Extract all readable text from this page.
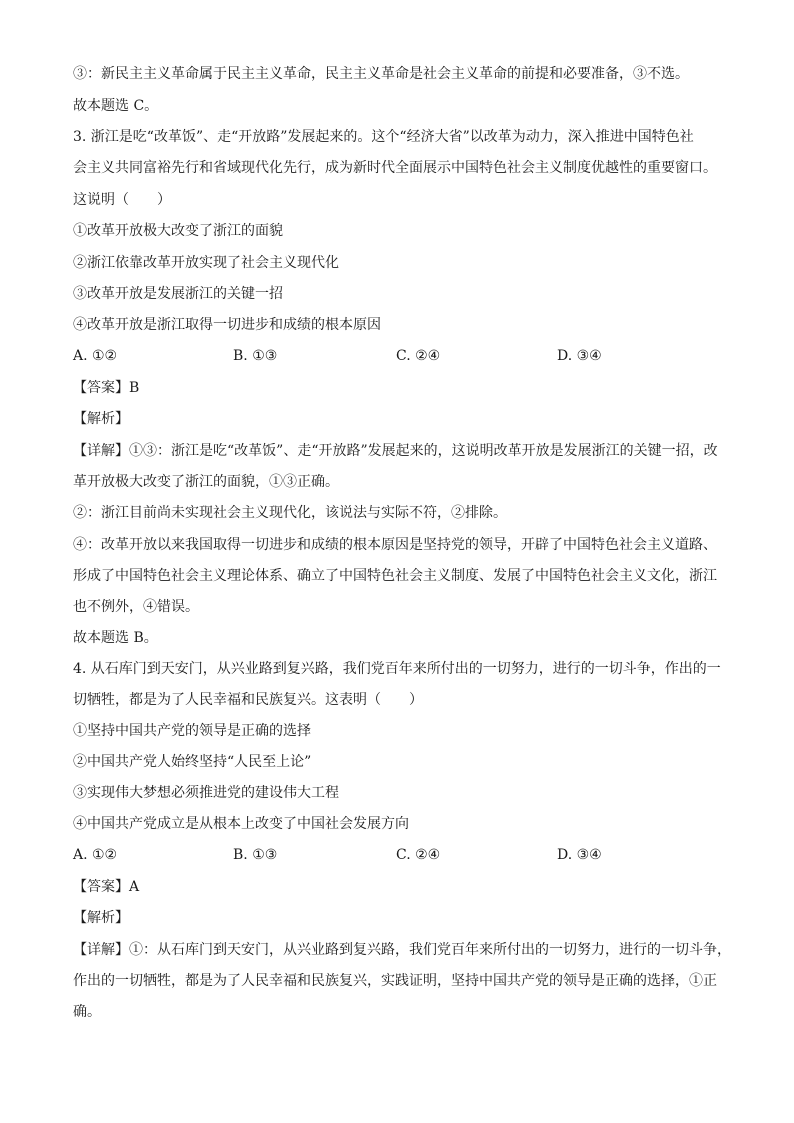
③：新民主主义革命属于民主主义革命，民主主义革命是社会主义革命的前提和必要准备，③不选。
故本题选 C。
3. 浙江是吃“改革饭”、走“开放路”发展起来的。这个“经济大省”以改革为动力，深入推进中国特色社
会主义共同富裕先行和省域现代化先行，成为新时代全面展示中国特色社会主义制度优越性的重要窗口。
这说明（　　）
①改革开放极大改变了浙江的面貌
②浙江依靠改革开放实现了社会主义现代化
③改革开放是发展浙江的关键一招
④改革开放是浙江取得一切进步和成绩的根本原因
A. ①②	B. ①③	C. ②④	D. ③④
【答案】B
【解析】
【详解】①③：浙江是吃“改革饭”、走“开放路”发展起来的，这说明改革开放是发展浙江的关键一招，改
革开放极大改变了浙江的面貌，①③正确。
②：浙江目前尚未实现社会主义现代化，该说法与实际不符，②排除。
④：改革开放以来我国取得一切进步和成绩的根本原因是坚持党的领导，开辟了中国特色社会主义道路、
形成了中国特色社会主义理论体系、确立了中国特色社会主义制度、发展了中国特色社会主义文化，浙江
也不例外，④错误。
故本题选 B。
4. 从石库门到天安门，从兴业路到复兴路，我们党百年来所付出的一切努力，进行的一切斗争，作出的一
切牺牲，都是为了人民幸福和民族复兴。这表明（　　）
①坚持中国共产党的领导是正确的选择
②中国共产党人始终坚持“人民至上论”
③实现伟大梦想必须推进党的建设伟大工程
④中国共产党成立是从根本上改变了中国社会发展方向
A. ①②	B. ①③	C. ②④	D. ③④
【答案】A
【解析】
【详解】①：从石库门到天安门，从兴业路到复兴路，我们党百年来所付出的一切努力，进行的一切斗争，
作出的一切牺牲，都是为了人民幸福和民族复兴，实践证明，坚持中国共产党的领导是正确的选择，①正
确。
